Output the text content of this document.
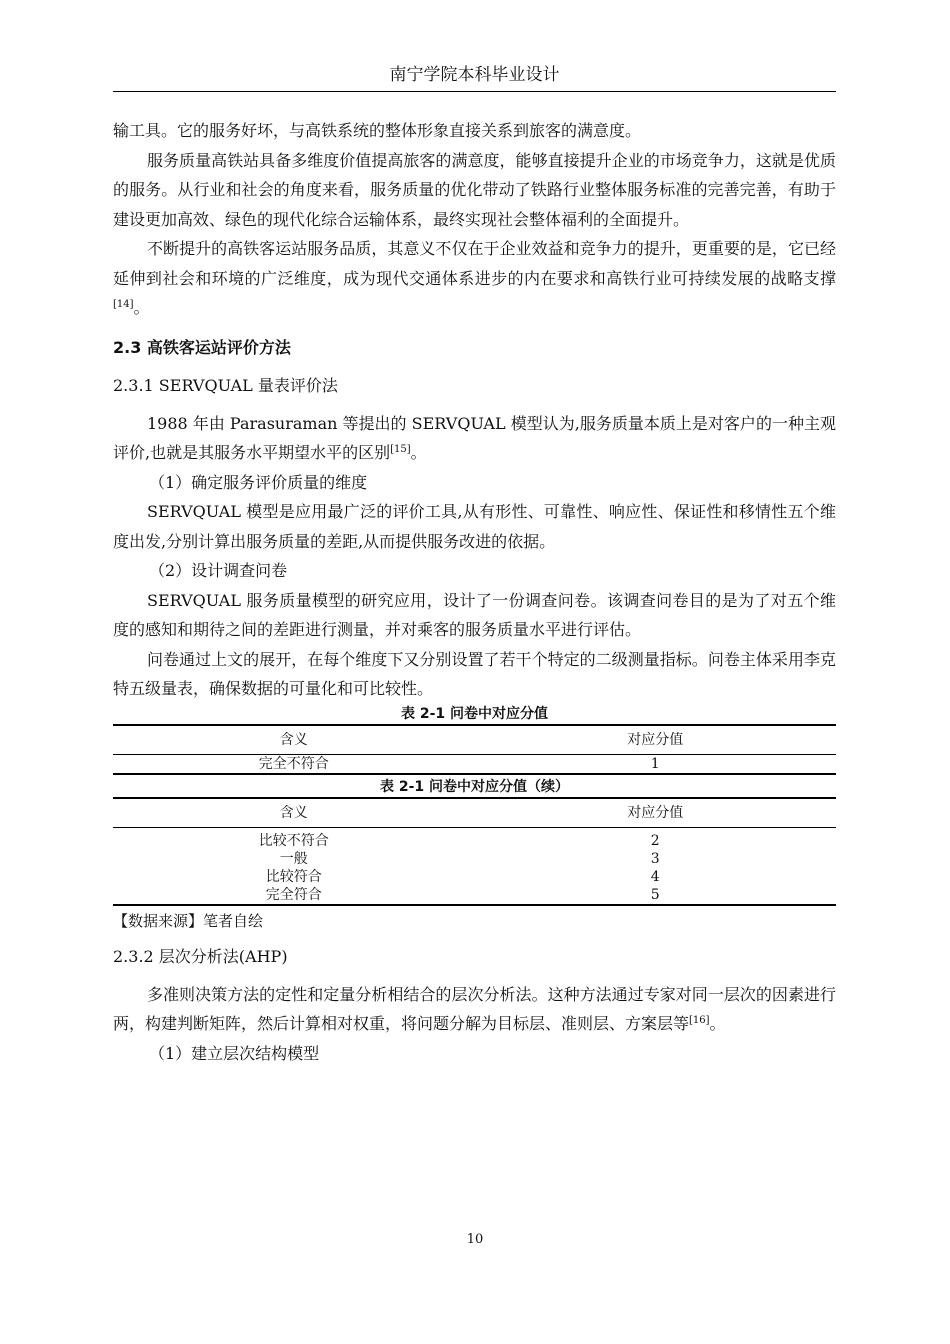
南宁学院本科毕业设计

输工具。它的服务好坏，与高铁系统的整体形象直接关系到旅客的满意度。

服务质量高铁站具备多维度价值提高旅客的满意度，能够直接提升企业的市场竞争力，这就是优质的服务。从行业和社会的角度来看，服务质量的优化带动了铁路行业整体服务标准的完善完善，有助于建设更加高效、绿色的现代化综合运输体系，最终实现社会整体福利的全面提升。

不断提升的高铁客运站服务品质，其意义不仅在于企业效益和竞争力的提升，更重要的是，它已经延伸到社会和环境的广泛维度，成为现代交通体系进步的内在要求和高铁行业可持续发展的战略支撑[14]。

2.3 高铁客运站评价方法
2.3.1 SERVQUAL 量表评价法

1988 年由 Parasuraman 等提出的 SERVQUAL 模型认为,服务质量本质上是对客户的一种主观评价,也就是其服务水平期望水平的区别[15]。

（1）确定服务评价质量的维度

SERVQUAL 模型是应用最广泛的评价工具,从有形性、可靠性、响应性、保证性和移情性五个维度出发,分别计算出服务质量的差距,从而提供服务改进的依据。

（2）设计调查问卷

SERVQUAL 服务质量模型的研究应用，设计了一份调查问卷。该调查问卷目的是为了对五个维度的感知和期待之间的差距进行测量，并对乘客的服务质量水平进行评估。

问卷通过上文的展开，在每个维度下又分别设置了若干个特定的二级测量指标。问卷主体采用李克特五级量表，确保数据的可量化和可比较性。

表 2-1 问卷中对应分值
含义	对应分值
完全不符合	1
表 2-1 问卷中对应分值（续）
含义	对应分值
比较不符合	2
一般	3
比较符合	4
完全符合	5
【数据来源】笔者自绘
2.3.2 层次分析法(AHP)

多准则决策方法的定性和定量分析相结合的层次分析法。这种方法通过专家对同一层次的因素进行两，构建判断矩阵，然后计算相对权重，将问题分解为目标层、准则层、方案层等[16]。

（1）建立层次结构模型

10
